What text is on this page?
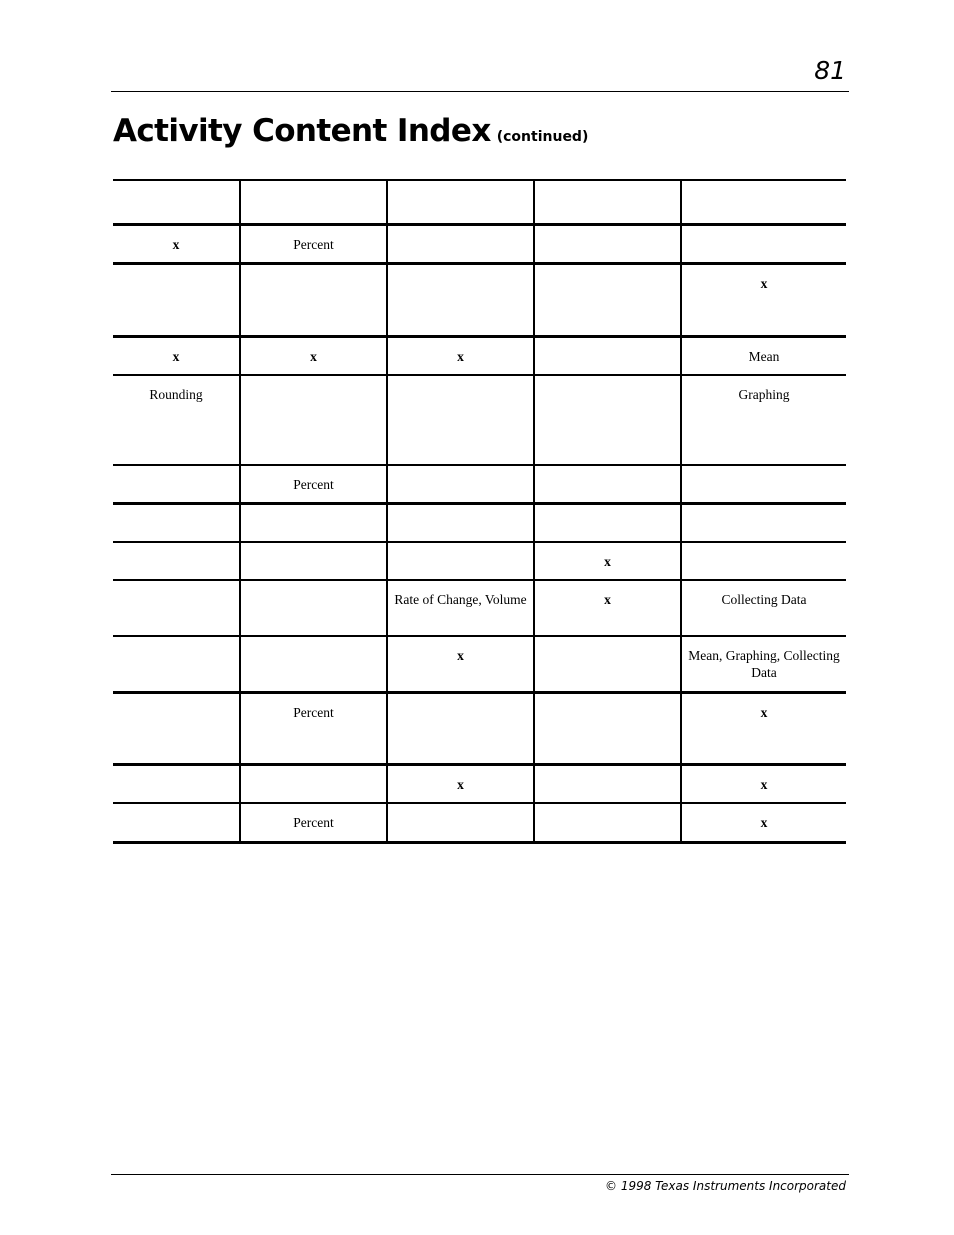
81
Activity Content Index (continued)

x	Percent			
				x
x	x	x		Mean
Rounding				Graphing
	Percent			

			x	
		Rate of Change, Volume	x	Collecting Data
		x		Mean, Graphing, Collecting Data
	Percent			x
		x		x
	Percent			x
© 1998 Texas Instruments Incorporated
